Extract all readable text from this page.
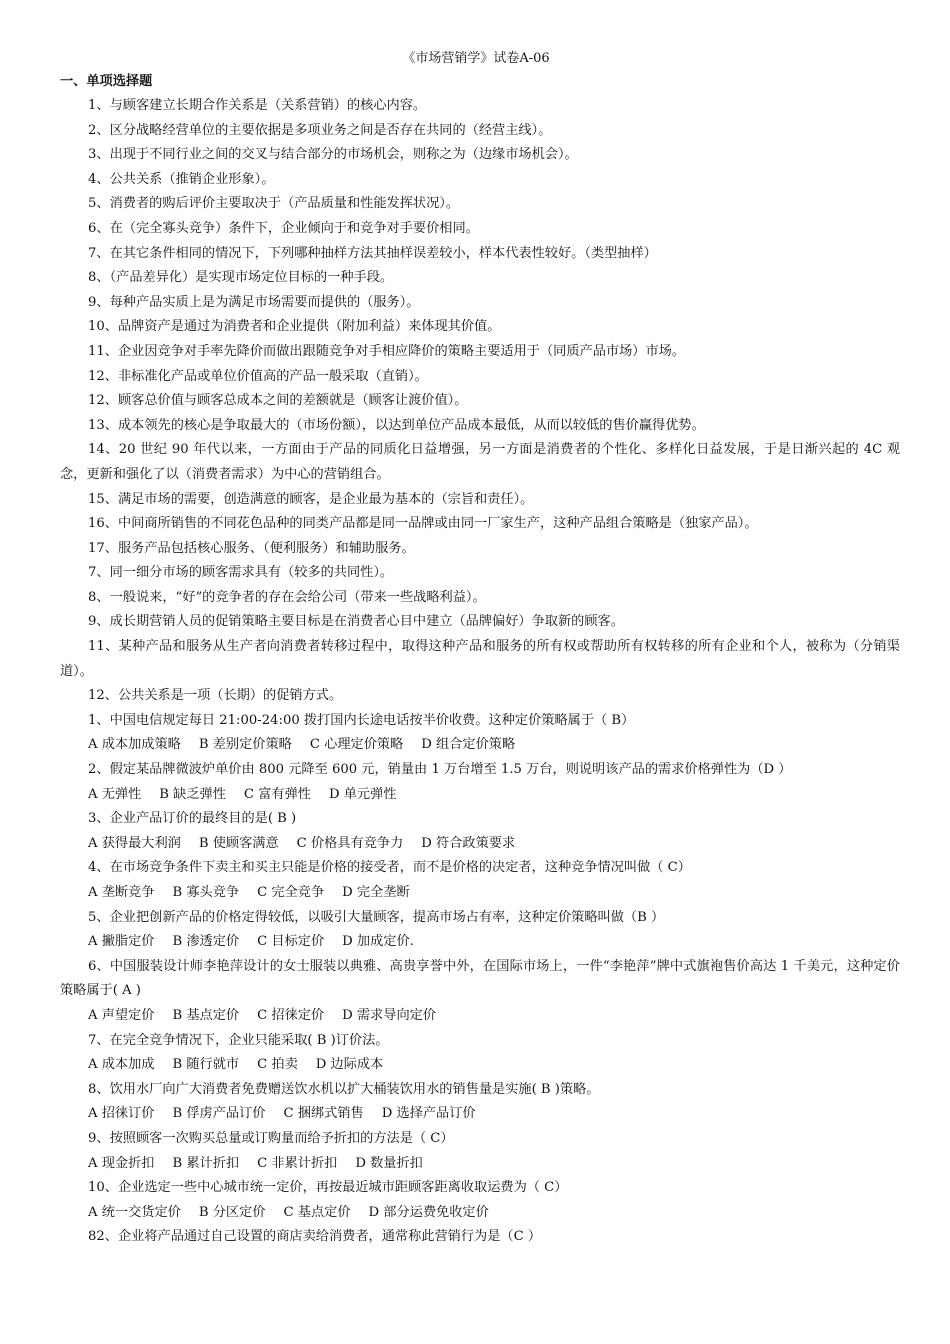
《市场营销学》试卷A-06
一、单项选择题
1、与顾客建立长期合作关系是（关系营销）的核心内容。
2、区分战略经营单位的主要依据是多项业务之间是否存在共同的（经营主线）。
3、出现于不同行业之间的交叉与结合部分的市场机会，则称之为（边缘市场机会）。
4、公共关系（推销企业形象）。
5、消费者的购后评价主要取决于（产品质量和性能发挥状况）。
6、在（完全寡头竞争）条件下，企业倾向于和竞争对手要价相同。
7、在其它条件相同的情况下，下列哪种抽样方法其抽样误差较小，样本代表性较好。（类型抽样）
8、（产品差异化）是实现市场定位目标的一种手段。
9、每种产品实质上是为满足市场需要而提供的（服务）。
10、品牌资产是通过为消费者和企业提供（附加利益）来体现其价值。
11、企业因竞争对手率先降价而做出跟随竞争对手相应降价的策略主要适用于（同质产品市场）市场。
12、非标准化产品或单位价值高的产品一般采取（直销）。
12、顾客总价值与顾客总成本之间的差额就是（顾客让渡价值）。
13、成本领先的核心是争取最大的（市场份额），以达到单位产品成本最低，从而以较低的售价赢得优势。
14、20 世纪 90 年代以来，一方面由于产品的同质化日益增强，另一方面是消费者的个性化、多样化日益发展，于是日渐兴起的 4C 观念，更新和强化了以（消费者需求）为中心的营销组合。
15、满足市场的需要，创造满意的顾客，是企业最为基本的（宗旨和责任）。
16、中间商所销售的不同花色品种的同类产品都是同一品牌或由同一厂家生产，这种产品组合策略是（独家产品）。
17、服务产品包括核心服务、（便利服务）和辅助服务。
7、同一细分市场的顾客需求具有（较多的共同性）。
8、一般说来，“好”的竞争者的存在会给公司（带来一些战略利益）。
9、成长期营销人员的促销策略主要目标是在消费者心目中建立（品牌偏好）争取新的顾客。
11、某种产品和服务从生产者向消费者转移过程中，取得这种产品和服务的所有权或帮助所有权转移的所有企业和个人，被称为（分销渠道）。
12、公共关系是一项（长期）的促销方式。
1、中国电信规定每日 21:00-24:00 拨打国内长途电话按半价收费。这种定价策略属于（ B）
A 成本加成策略 B 差别定价策略 C 心理定价策略 D 组合定价策略
2、假定某品牌微波炉单价由 800 元降至 600 元，销量由 1 万台增至 1.5 万台，则说明该产品的需求价格弹性为（D ）
A 无弹性 B 缺乏弹性 C 富有弹性 D 单元弹性
3、企业产品订价的最终目的是( B )
A 获得最大利润 B 使顾客满意 C 价格具有竞争力 D 符合政策要求
4、在市场竞争条件下卖主和买主只能是价格的接受者，而不是价格的决定者，这种竞争情况叫做（ C）
A 垄断竞争 B 寡头竞争 C 完全竞争 D 完全垄断
5、企业把创新产品的价格定得较低，以吸引大量顾客，提高市场占有率，这种定价策略叫做（B ）
A 撇脂定价 B 渗透定价 C 目标定价 D 加成定价.
6、中国服装设计师李艳萍设计的女士服装以典雅、高贵享誉中外，在国际市场上，一件“李艳萍”牌中式旗袍售价高达 1 千美元，这种定价策略属于( A )
A 声望定价 B 基点定价 C 招徕定价 D 需求导向定价
7、在完全竞争情况下，企业只能采取( B )订价法。
A 成本加成 B 随行就市 C 拍卖 D 边际成本
8、饮用水厂向广大消费者免费赠送饮水机以扩大桶装饮用水的销售量是实施( B )策略。
A 招徕订价 B 俘虏产品订价 C 捆绑式销售 D 选择产品订价
9、按照顾客一次购买总量或订购量而给予折扣的方法是（ C）
A 现金折扣 B 累计折扣 C 非累计折扣 D 数量折扣
10、企业选定一些中心城市统一定价，再按最近城市距顾客距离收取运费为（ C）
A 统一交货定价 B 分区定价 C 基点定价 D 部分运费免收定价
82、企业将产品通过自己设置的商店卖给消费者，通常称此营销行为是（C ）
